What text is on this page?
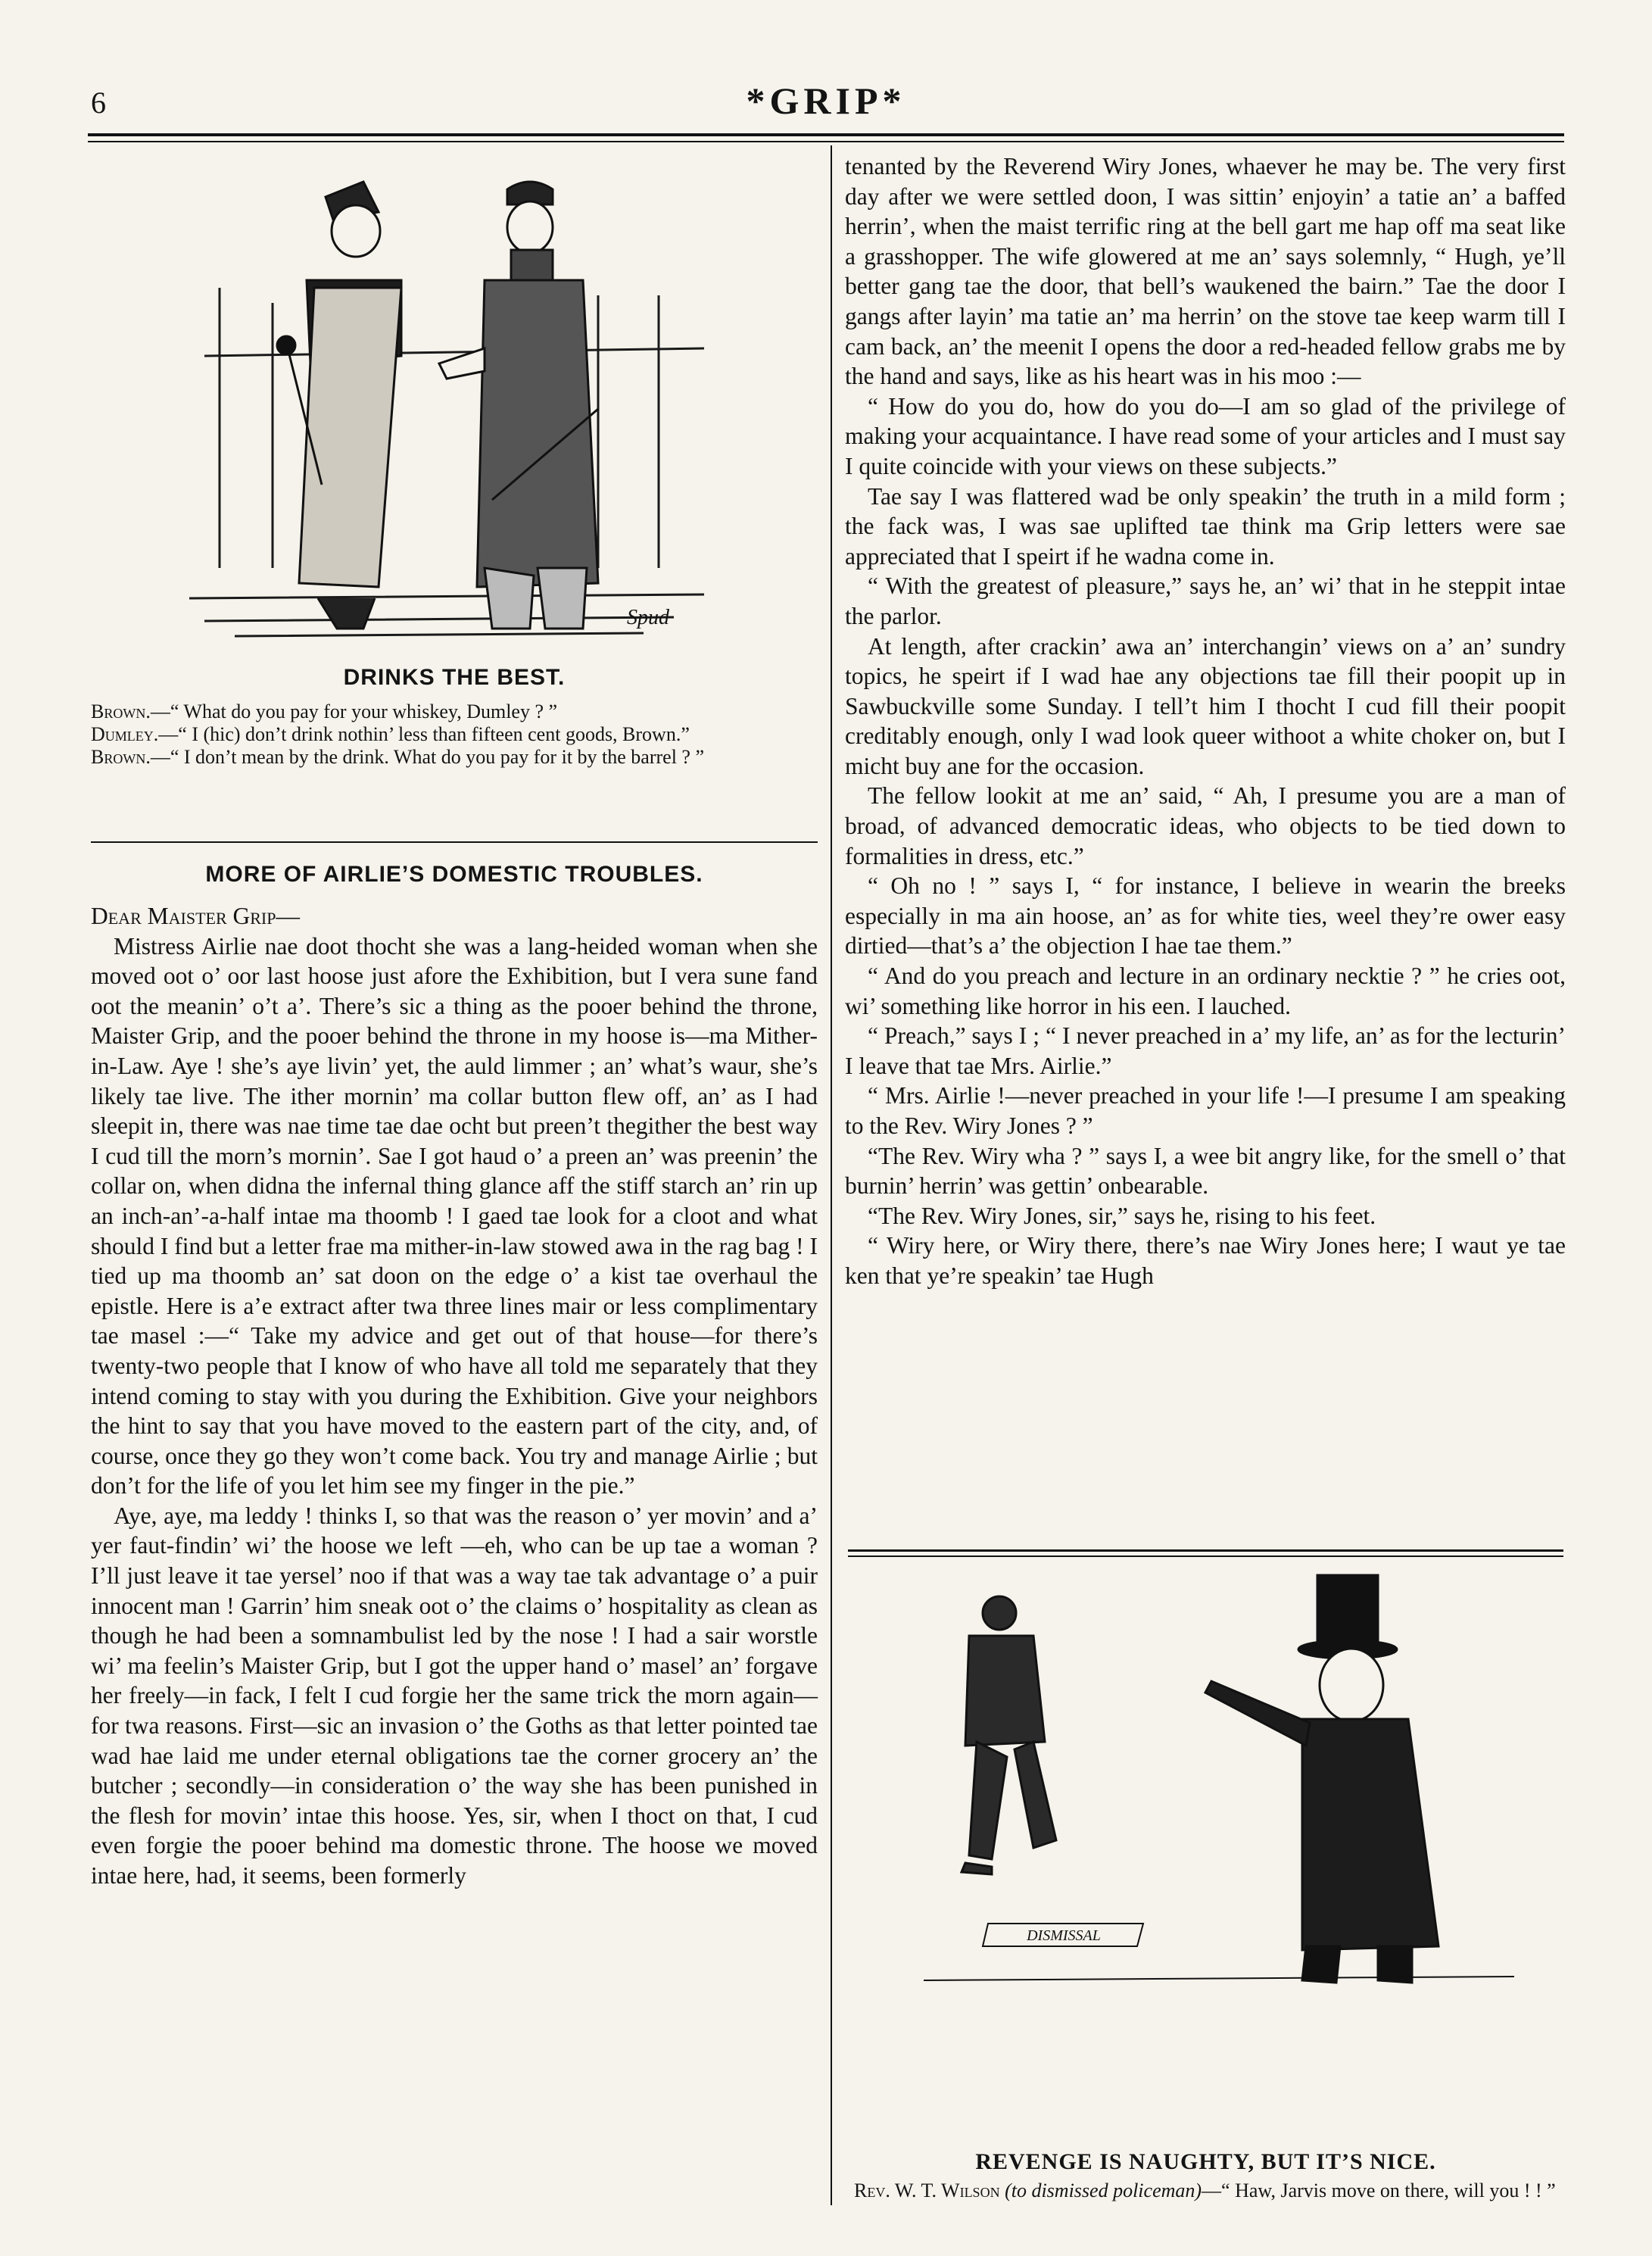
6	*GRIP*
Spud
DRINKS THE BEST.

Brown.—“ What do you pay for your whiskey, Dumley ? ”

Dumley.—“ I (hic) don’t drink nothin’ less than fifteen cent goods, Brown.”

Brown.—“ I don’t mean by the drink. What do you pay for it by the barrel ? ”

MORE OF AIRLIE’S DOMESTIC TROUBLES.

Dear Maister Grip—

Mistress Airlie nae doot thocht she was a lang-heided woman when she moved oot o’ oor last hoose just afore the Exhibition, but I vera sune fand oot the meanin’ o’t a’. There’s sic a thing as the pooer behind the throne, Maister Grip, and the pooer behind the throne in my hoose is—ma Mither-in-Law. Aye ! she’s aye livin’ yet, the auld limmer ; an’ what’s waur, she’s likely tae live. The ither mornin’ ma collar button flew off, an’ as I had sleepit in, there was nae time tae dae ocht but preen’t thegither the best way I cud till the morn’s mornin’. Sae I got haud o’ a preen an’ was preenin’ the collar on, when didna the infernal thing glance aff the stiff starch an’ rin up an inch-an’-a-half intae ma thoomb ! I gaed tae look for a cloot and what should I find but a letter frae ma mither-in-law stowed awa in the rag bag ! I tied up ma thoomb an’ sat doon on the edge o’ a kist tae overhaul the epistle. Here is a’e extract after twa three lines mair or less complimentary tae masel :—“ Take my advice and get out of that house—for there’s twenty-two people that I know of who have all told me separately that they intend coming to stay with you during the Exhibition. Give your neighbors the hint to say that you have moved to the eastern part of the city, and, of course, once they go they won’t come back. You try and manage Airlie ; but don’t for the life of you let him see my finger in the pie.”

Aye, aye, ma leddy ! thinks I, so that was the reason o’ yer movin’ and a’ yer faut-findin’ wi’ the hoose we left —eh, who can be up tae a woman ? I’ll just leave it tae yersel’ noo if that was a way tae tak advantage o’ a puir innocent man ! Garrin’ him sneak oot o’ the claims o’ hospitality as clean as though he had been a somnambulist led by the nose ! I had a sair worstle wi’ ma feelin’s Maister Grip, but I got the upper hand o’ masel’ an’ forgave her freely—in fack, I felt I cud forgie her the same trick the morn again—for twa reasons. First—sic an invasion o’ the Goths as that letter pointed tae wad hae laid me under eternal obligations tae the corner grocery an’ the butcher ; secondly—in consideration o’ the way she has been punished in the flesh for movin’ intae this hoose. Yes, sir, when I thoct on that, I cud even forgie the pooer behind ma domestic throne. The hoose we moved intae here, had, it seems, been formerly

tenanted by the Reverend Wiry Jones, whaever he may be. The very first day after we were settled doon, I was sittin’ enjoyin’ a tatie an’ a baffed herrin’, when the maist terrific ring at the bell gart me hap off ma seat like a grasshopper. The wife glowered at me an’ says solemnly, “ Hugh, ye’ll better gang tae the door, that bell’s waukened the bairn.” Tae the door I gangs after layin’ ma tatie an’ ma herrin’ on the stove tae keep warm till I cam back, an’ the meenit I opens the door a red-headed fellow grabs me by the hand and says, like as his heart was in his moo :—

“ How do you do, how do you do—I am so glad of the privilege of making your acquaintance. I have read some of your articles and I must say I quite coincide with your views on these subjects.”

Tae say I was flattered wad be only speakin’ the truth in a mild form ; the fack was, I was sae uplifted tae think ma Grip letters were sae appreciated that I speirt if he wadna come in.

“ With the greatest of pleasure,” says he, an’ wi’ that in he steppit intae the parlor.

At length, after crackin’ awa an’ interchangin’ views on a’ an’ sundry topics, he speirt if I wad hae any objections tae fill their poopit up in Sawbuckville some Sunday. I tell’t him I thocht I cud fill their poopit creditably enough, only I wad look queer withoot a white choker on, but I micht buy ane for the occasion.

The fellow lookit at me an’ said, “ Ah, I presume you are a man of broad, of advanced democratic ideas, who objects to be tied down to formalities in dress, etc.”

“ Oh no ! ” says I, “ for instance, I believe in wearin the breeks especially in ma ain hoose, an’ as for white ties, weel they’re ower easy dirtied—that’s a’ the objection I hae tae them.”

“ And do you preach and lecture in an ordinary necktie ? ” he cries oot, wi’ something like horror in his een. I lauched.

“ Preach,” says I ; “ I never preached in a’ my life, an’ as for the lecturin’ I leave that tae Mrs. Airlie.”

“ Mrs. Airlie !—never preached in your life !—I presume I am speaking to the Rev. Wiry Jones ? ”

“The Rev. Wiry wha ? ” says I, a wee bit angry like, for the smell o’ that burnin’ herrin’ was gettin’ onbearable.

“The Rev. Wiry Jones, sir,” says he, rising to his feet.

“ Wiry here, or Wiry there, there’s nae Wiry Jones here; I waut ye tae ken that ye’re speakin’ tae Hugh

DISMISSAL
REVENGE IS NAUGHTY, BUT IT’S NICE.

Rev. W. T. Wilson (to dismissed policeman)—“ Haw, Jarvis move on there, will you ! ! ”
